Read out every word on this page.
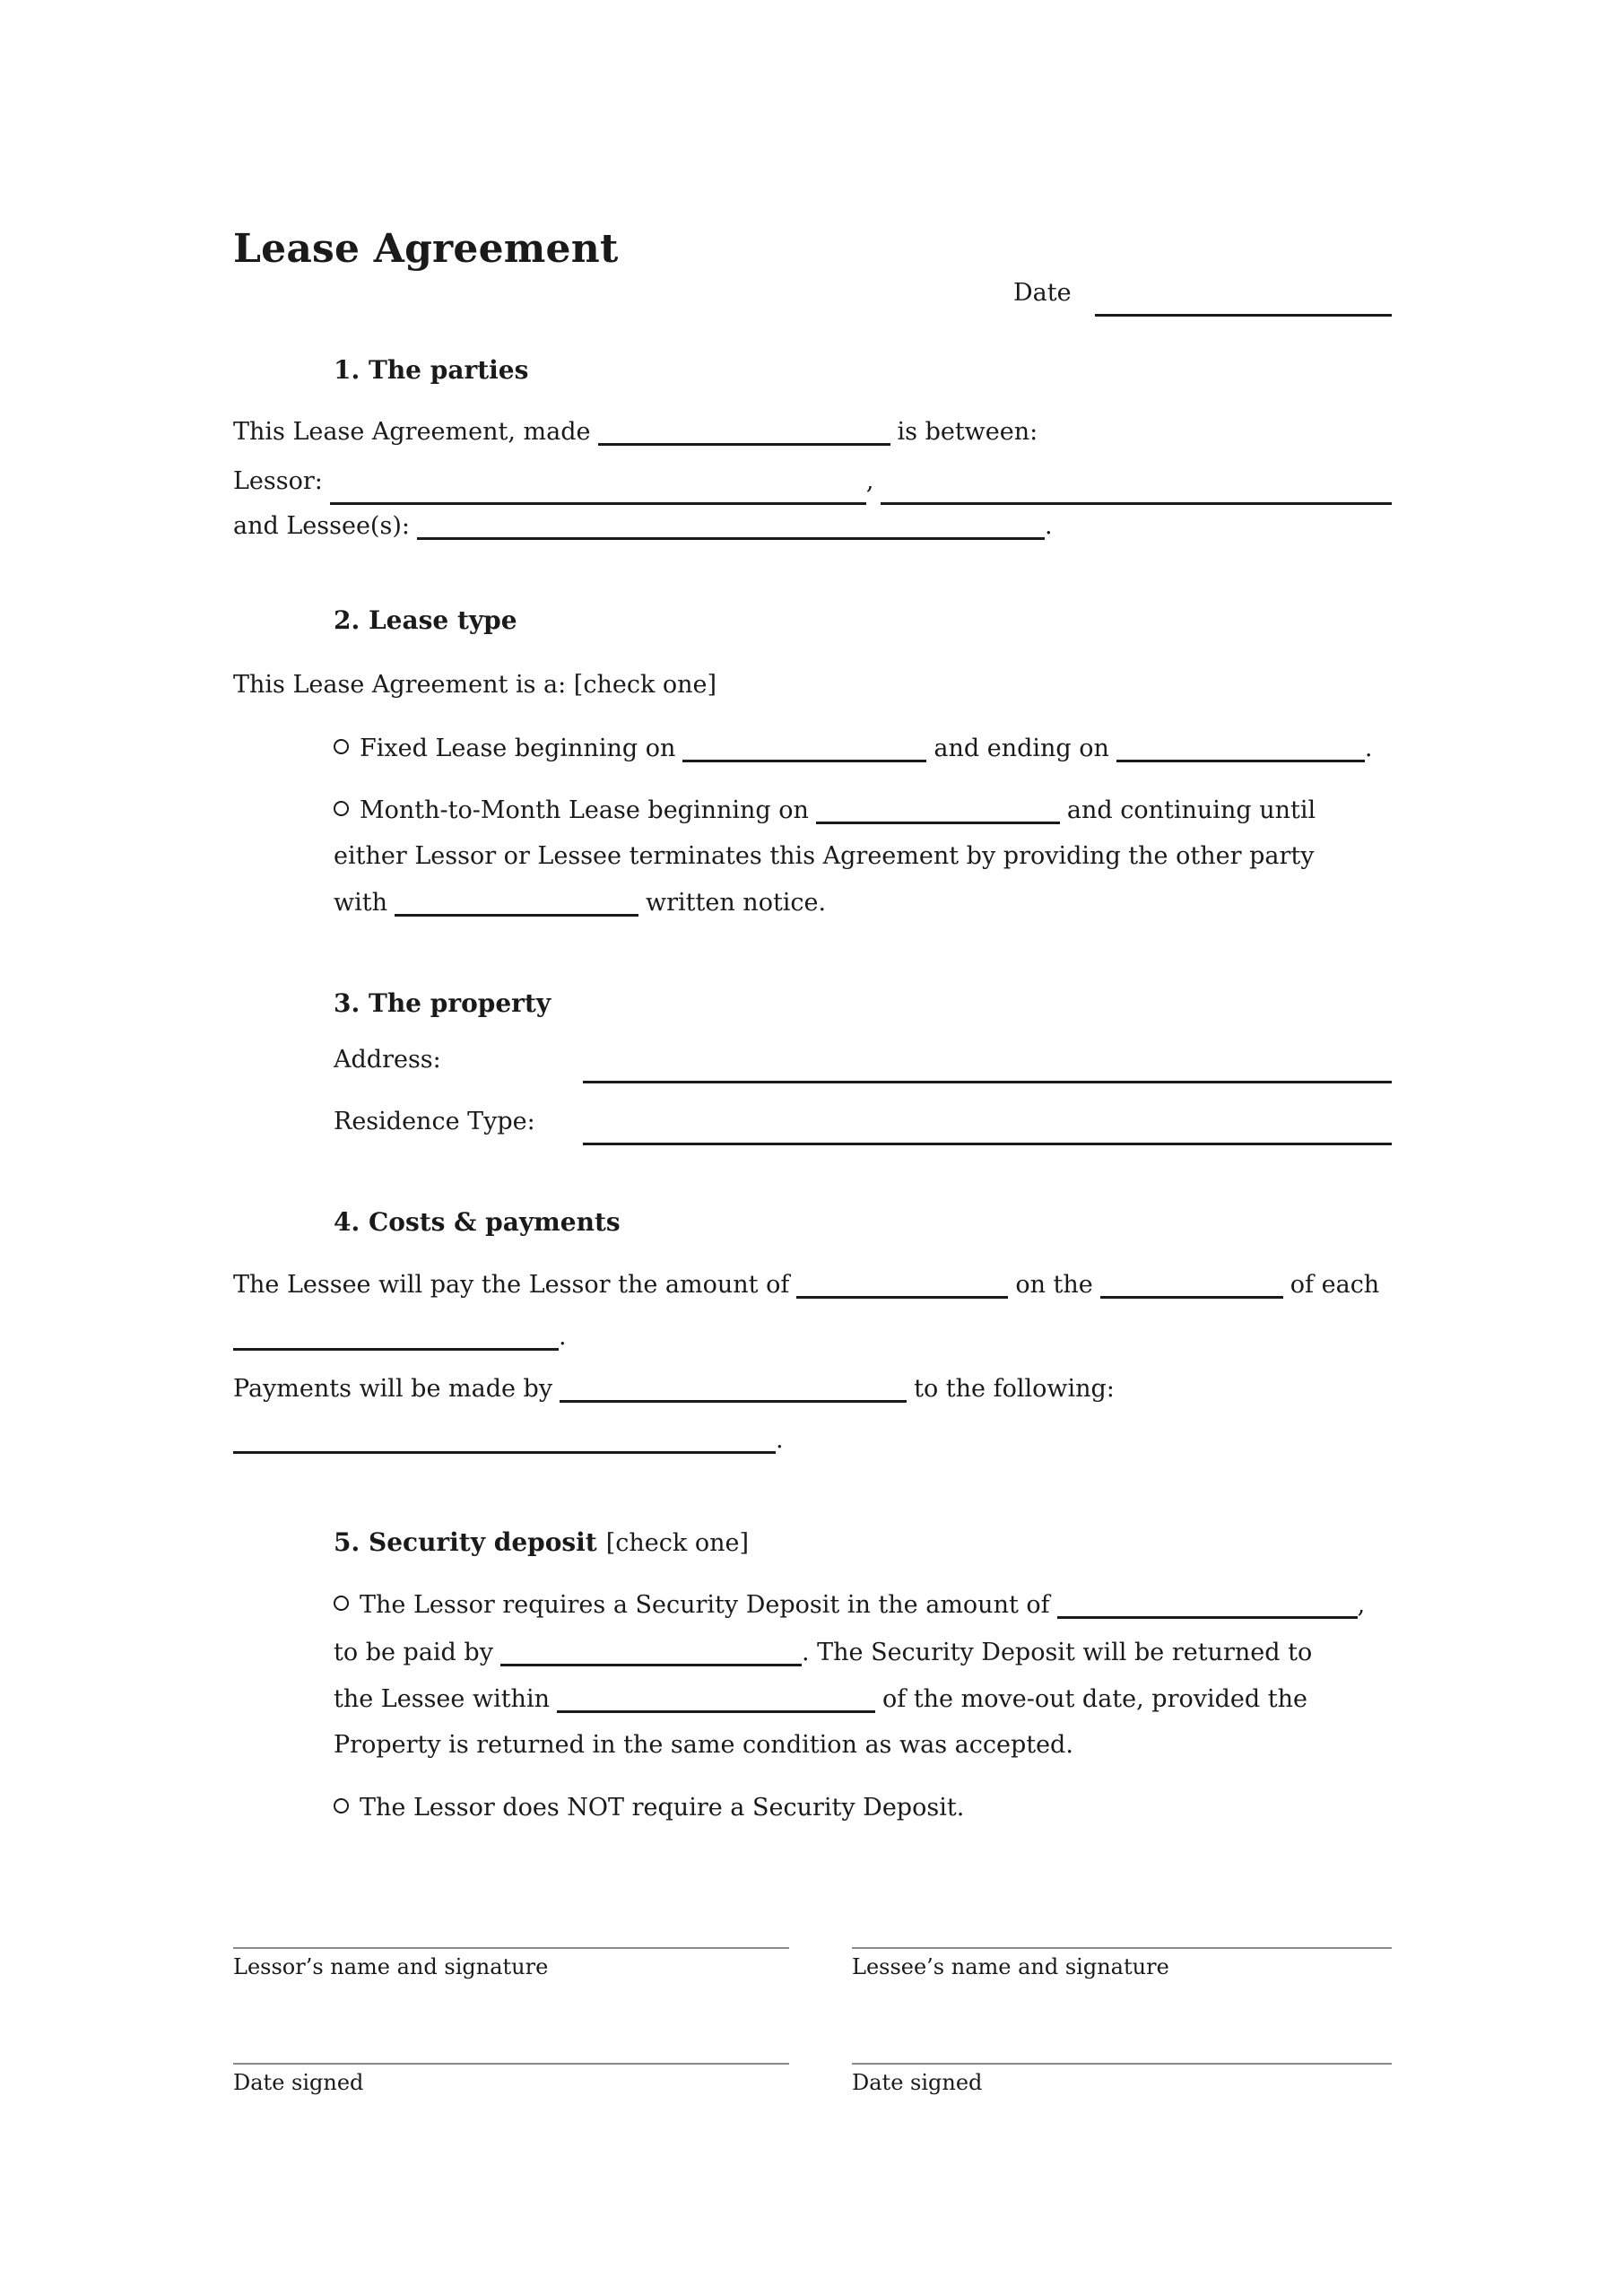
Lease Agreement
Date
1. The parties
This Lease Agreement, made	is between:
Lessor:	,
and Lessee(s):	.
2. Lease type
This Lease Agreement is a: [check one]
Fixed Lease beginning on	and ending on	.
Month-to-Month Lease beginning on	and continuing until
either Lessor or Lessee terminates this Agreement by providing the other party
with	written notice.
3. The property
Address:
Residence Type:
4. Costs & payments
The Lessee will pay the Lessor the amount of	on the	of each
.
Payments will be made by	to the following:
.
5. Security deposit [check one]
The Lessor requires a Security Deposit in the amount of	,
to be paid by	. The Security Deposit will be returned to
the Lessee within	of the move-out date, provided the
Property is returned in the same condition as was accepted.
The Lessor does NOT require a Security Deposit.
Lessor’s name and signature	Lessee’s name and signature
Date signed	Date signed
